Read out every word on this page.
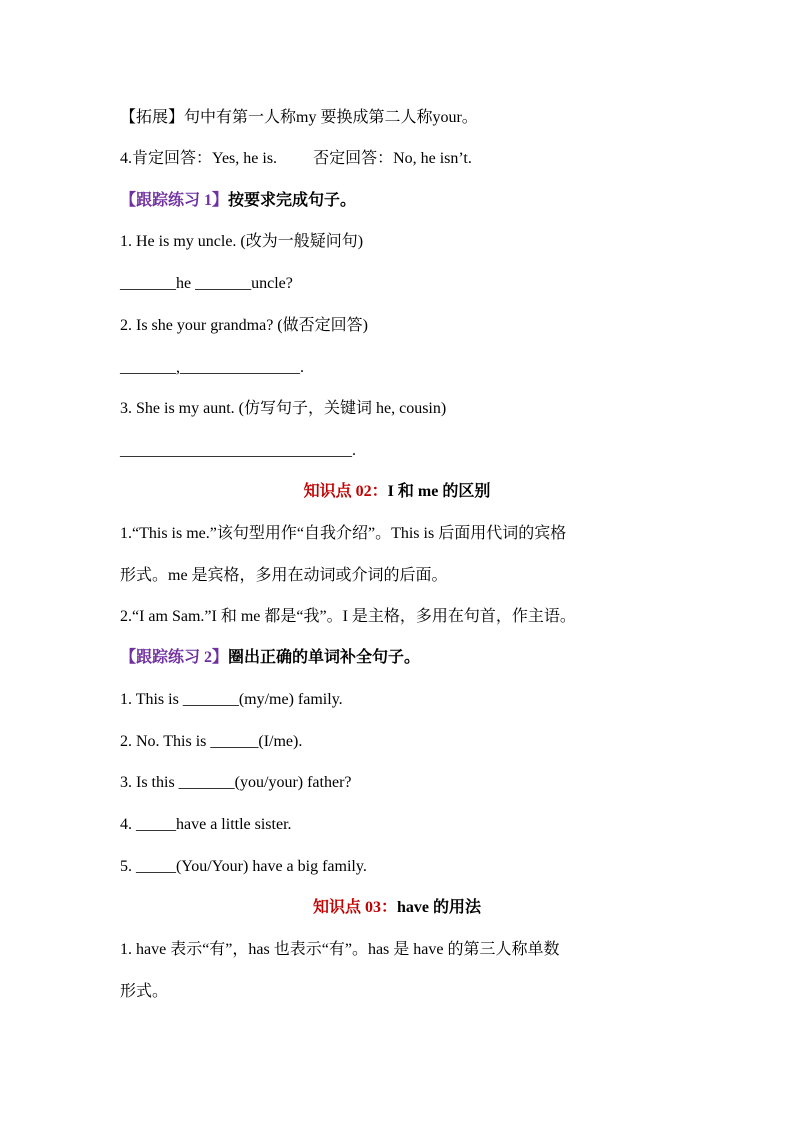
【拓展】句中有第一人称my 要换成第二人称your。
4.肯定回答：Yes, he is. 否定回答：No, he isn’t.
【跟踪练习 1】按要求完成句子。
1. He is my uncle. (改为一般疑问句)
_______he _______uncle?
2. Is she your grandma? (做否定回答)
_______,_______________.
3. She is my aunt. (仿写句子，关键词 he, cousin)
_____________________________.
知识点 02：I 和 me 的区别
1.“This is me.”该句型用作“自我介绍”。This is 后面用代词的宾格
形式。me 是宾格，多用在动词或介词的后面。
2.“I am Sam.”I 和 me 都是“我”。I 是主格，多用在句首，作主语。
【跟踪练习 2】圈出正确的单词补全句子。
1. This is _______(my/me) family.
2. No. This is ______(I/me).
3. Is this _______(you/your) father?
4. _____have a little sister.
5. _____(You/Your) have a big family.
知识点 03：have 的用法
1. have 表示“有”，has 也表示“有”。has 是 have 的第三人称单数
形式。
